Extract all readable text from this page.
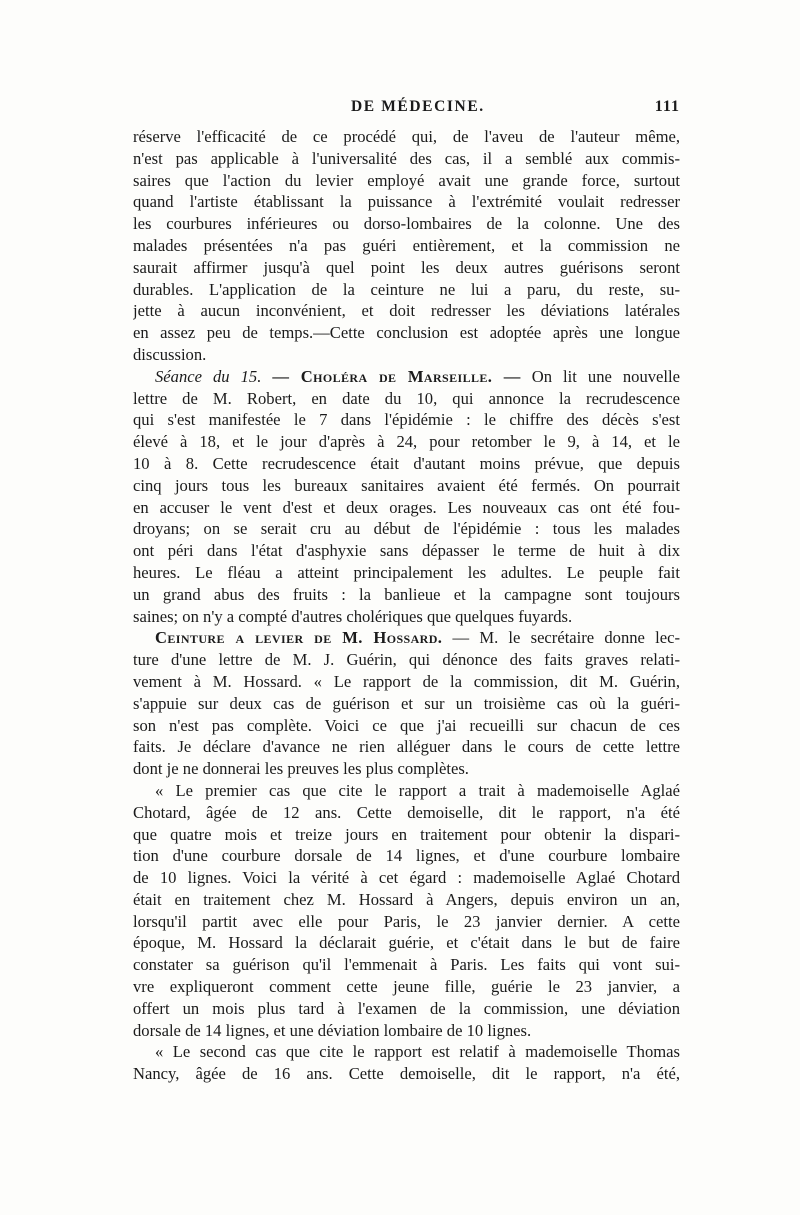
DE MÉDECINE.	111
réserve l'efficacité de ce procédé qui, de l'aveu de l'auteur même,
n'est pas applicable à l'universalité des cas, il a semblé aux commis-
saires que l'action du levier employé avait une grande force, surtout
quand l'artiste établissant la puissance à l'extrémité voulait redresser
les courbures inférieures ou dorso-lombaires de la colonne. Une des
malades présentées n'a pas guéri entièrement, et la commission ne
saurait affirmer jusqu'à quel point les deux autres guérisons seront
durables. L'application de la ceinture ne lui a paru, du reste, su-
jette à aucun inconvénient, et doit redresser les déviations latérales
en assez peu de temps.—Cette conclusion est adoptée après une longue
discussion.
Séance du 15. — Choléra de Marseille. — On lit une nouvelle
lettre de M. Robert, en date du 10, qui annonce la recrudescence
qui s'est manifestée le 7 dans l'épidémie : le chiffre des décès s'est
élevé à 18, et le jour d'après à 24, pour retomber le 9, à 14, et le
10 à 8. Cette recrudescence était d'autant moins prévue, que depuis
cinq jours tous les bureaux sanitaires avaient été fermés. On pourrait
en accuser le vent d'est et deux orages. Les nouveaux cas ont été fou-
droyans; on se serait cru au début de l'épidémie : tous les malades
ont péri dans l'état d'asphyxie sans dépasser le terme de huit à dix
heures. Le fléau a atteint principalement les adultes. Le peuple fait
un grand abus des fruits : la banlieue et la campagne sont toujours
saines; on n'y a compté d'autres cholériques que quelques fuyards.
Ceinture a levier de M. Hossard. — M. le secrétaire donne lec-
ture d'une lettre de M. J. Guérin, qui dénonce des faits graves relati-
vement à M. Hossard. « Le rapport de la commission, dit M. Guérin,
s'appuie sur deux cas de guérison et sur un troisième cas où la guéri-
son n'est pas complète. Voici ce que j'ai recueilli sur chacun de ces
faits. Je déclare d'avance ne rien alléguer dans le cours de cette lettre
dont je ne donnerai les preuves les plus complètes.
« Le premier cas que cite le rapport a trait à mademoiselle Aglaé
Chotard, âgée de 12 ans. Cette demoiselle, dit le rapport, n'a été
que quatre mois et treize jours en traitement pour obtenir la dispari-
tion d'une courbure dorsale de 14 lignes, et d'une courbure lombaire
de 10 lignes. Voici la vérité à cet égard : mademoiselle Aglaé Chotard
était en traitement chez M. Hossard à Angers, depuis environ un an,
lorsqu'il partit avec elle pour Paris, le 23 janvier dernier. A cette
époque, M. Hossard la déclarait guérie, et c'était dans le but de faire
constater sa guérison qu'il l'emmenait à Paris. Les faits qui vont sui-
vre expliqueront comment cette jeune fille, guérie le 23 janvier, a
offert un mois plus tard à l'examen de la commission, une déviation
dorsale de 14 lignes, et une déviation lombaire de 10 lignes.
« Le second cas que cite le rapport est relatif à mademoiselle Thomas
Nancy, âgée de 16 ans. Cette demoiselle, dit le rapport, n'a été,
